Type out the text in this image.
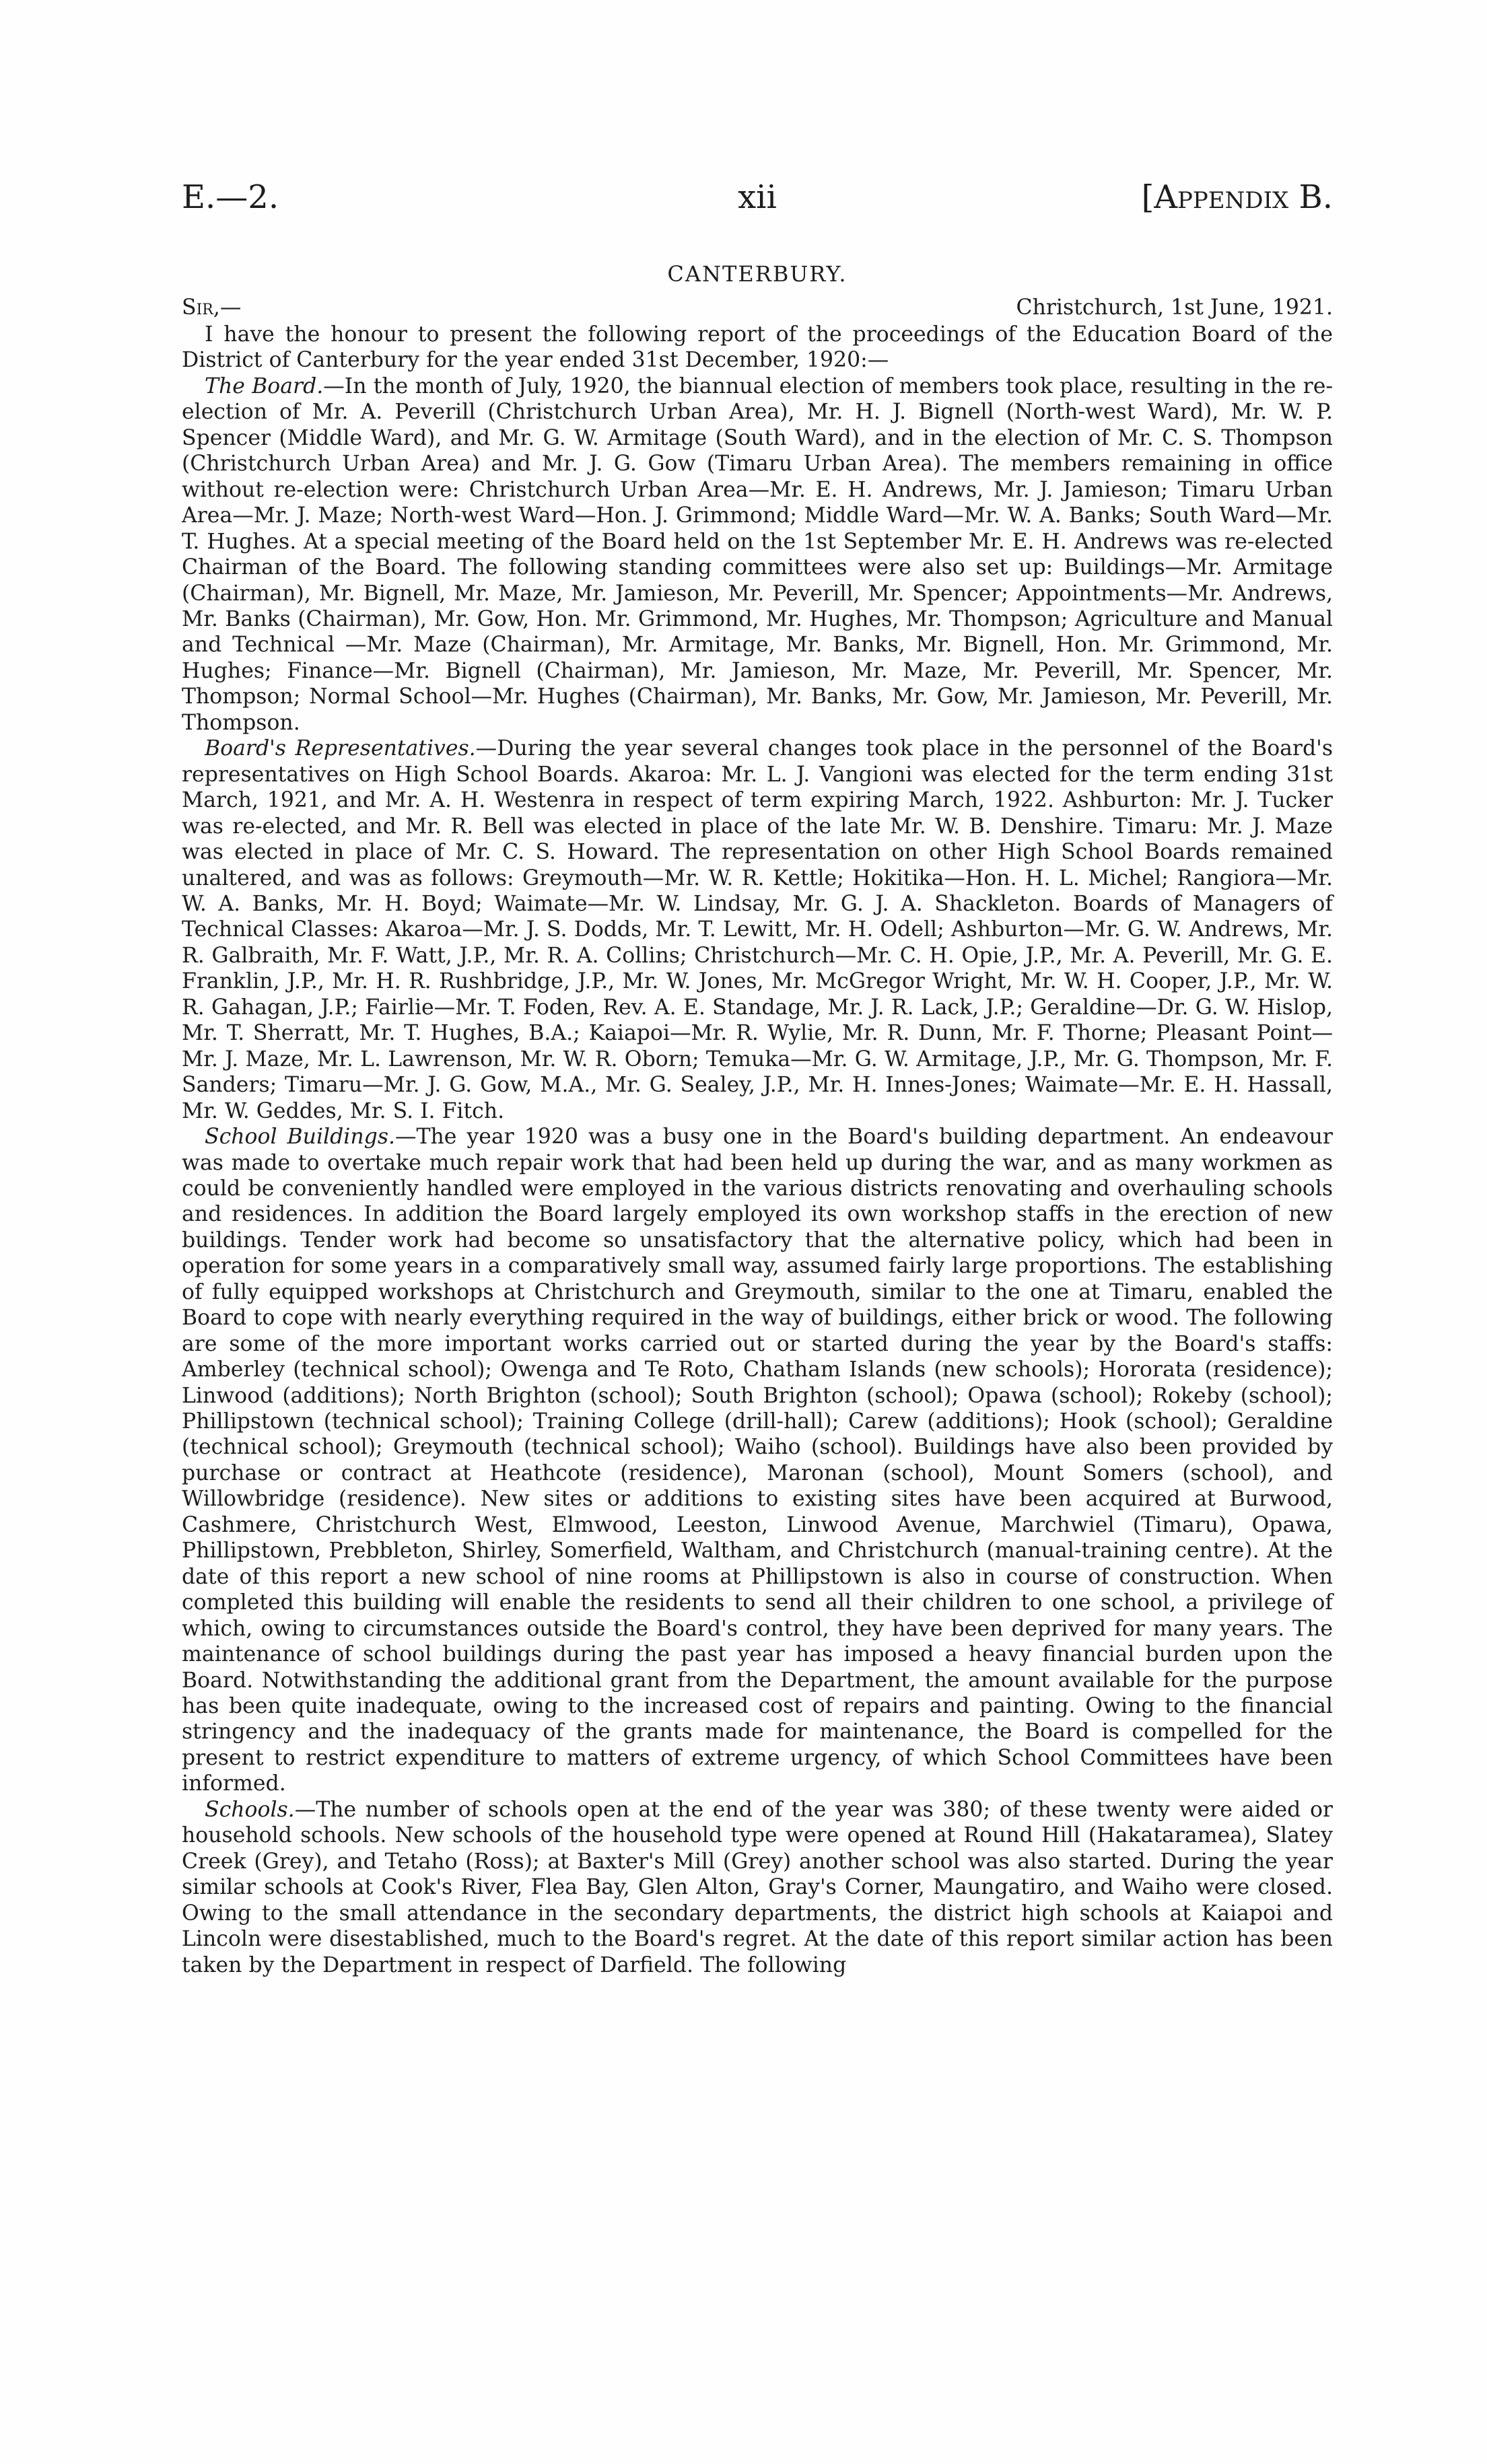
E.—2.	xii	[Appendix B.
CANTERBURY.
Sir,—	Christchurch, 1st June, 1921.

I have the honour to present the following report of the proceedings of the Education Board of the District of Canterbury for the year ended 31st December, 1920:—

The Board.—In the month of July, 1920, the biannual election of members took place, resulting in the re-election of Mr. A. Peverill (Christchurch Urban Area), Mr. H. J. Bignell (North-west Ward), Mr. W. P. Spencer (Middle Ward), and Mr. G. W. Armitage (South Ward), and in the election of Mr. C. S. Thompson (Christchurch Urban Area) and Mr. J. G. Gow (Timaru Urban Area). The members remaining in office without re-election were: Christchurch Urban Area—Mr. E. H. Andrews, Mr. J. Jamieson; Timaru Urban Area—Mr. J. Maze; North-west Ward—Hon. J. Grimmond; Middle Ward—Mr. W. A. Banks; South Ward—Mr. T. Hughes. At a special meeting of the Board held on the 1st September Mr. E. H. Andrews was re-elected Chairman of the Board. The following standing committees were also set up: Buildings—Mr. Armitage (Chairman), Mr. Bignell, Mr. Maze, Mr. Jamieson, Mr. Peverill, Mr. Spencer; Appointments—Mr. Andrews, Mr. Banks (Chairman), Mr. Gow, Hon. Mr. Grimmond, Mr. Hughes, Mr. Thompson; Agriculture and Manual and Technical —Mr. Maze (Chairman), Mr. Armitage, Mr. Banks, Mr. Bignell, Hon. Mr. Grimmond, Mr. Hughes; Finance—Mr. Bignell (Chairman), Mr. Jamieson, Mr. Maze, Mr. Peverill, Mr. Spencer, Mr. Thompson; Normal School—Mr. Hughes (Chairman), Mr. Banks, Mr. Gow, Mr. Jamieson, Mr. Peverill, Mr. Thompson.

Board's Representatives.—During the year several changes took place in the personnel of the Board's representatives on High School Boards. Akaroa: Mr. L. J. Vangioni was elected for the term ending 31st March, 1921, and Mr. A. H. Westenra in respect of term expiring March, 1922. Ashburton: Mr. J. Tucker was re-elected, and Mr. R. Bell was elected in place of the late Mr. W. B. Denshire. Timaru: Mr. J. Maze was elected in place of Mr. C. S. Howard. The representation on other High School Boards remained unaltered, and was as follows: Greymouth—Mr. W. R. Kettle; Hokitika—Hon. H. L. Michel; Rangiora—Mr. W. A. Banks, Mr. H. Boyd; Waimate—Mr. W. Lindsay, Mr. G. J. A. Shackleton. Boards of Managers of Technical Classes: Akaroa—Mr. J. S. Dodds, Mr. T. Lewitt, Mr. H. Odell; Ashburton—Mr. G. W. Andrews, Mr. R. Galbraith, Mr. F. Watt, J.P., Mr. R. A. Collins; Christchurch—Mr. C. H. Opie, J.P., Mr. A. Peverill, Mr. G. E. Franklin, J.P., Mr. H. R. Rushbridge, J.P., Mr. W. Jones, Mr. McGregor Wright, Mr. W. H. Cooper, J.P., Mr. W. R. Gahagan, J.P.; Fairlie—Mr. T. Foden, Rev. A. E. Standage, Mr. J. R. Lack, J.P.; Geraldine—Dr. G. W. Hislop, Mr. T. Sherratt, Mr. T. Hughes, B.A.; Kaiapoi—Mr. R. Wylie, Mr. R. Dunn, Mr. F. Thorne; Pleasant Point—Mr. J. Maze, Mr. L. Lawrenson, Mr. W. R. Oborn; Temuka—Mr. G. W. Armitage, J.P., Mr. G. Thompson, Mr. F. Sanders; Timaru—Mr. J. G. Gow, M.A., Mr. G. Sealey, J.P., Mr. H. Innes-Jones; Waimate—Mr. E. H. Hassall, Mr. W. Geddes, Mr. S. I. Fitch.

School Buildings.—The year 1920 was a busy one in the Board's building department. An endeavour was made to overtake much repair work that had been held up during the war, and as many workmen as could be conveniently handled were employed in the various districts renovating and overhauling schools and residences. In addition the Board largely employed its own workshop staffs in the erection of new buildings. Tender work had become so unsatisfactory that the alternative policy, which had been in operation for some years in a comparatively small way, assumed fairly large proportions. The establishing of fully equipped workshops at Christchurch and Greymouth, similar to the one at Timaru, enabled the Board to cope with nearly everything required in the way of buildings, either brick or wood. The following are some of the more important works carried out or started during the year by the Board's staffs: Amberley (technical school); Owenga and Te Roto, Chatham Islands (new schools); Hororata (residence); Linwood (additions); North Brighton (school); South Brighton (school); Opawa (school); Rokeby (school); Phillipstown (technical school); Training College (drill-hall); Carew (additions); Hook (school); Geraldine (technical school); Greymouth (technical school); Waiho (school). Buildings have also been provided by purchase or contract at Heathcote (residence), Maronan (school), Mount Somers (school), and Willowbridge (residence). New sites or additions to existing sites have been acquired at Burwood, Cashmere, Christchurch West, Elmwood, Leeston, Linwood Avenue, Marchwiel (Timaru), Opawa, Phillipstown, Prebbleton, Shirley, Somerfield, Waltham, and Christchurch (manual-training centre). At the date of this report a new school of nine rooms at Phillipstown is also in course of construction. When completed this building will enable the residents to send all their children to one school, a privilege of which, owing to circumstances outside the Board's control, they have been deprived for many years. The maintenance of school buildings during the past year has imposed a heavy financial burden upon the Board. Notwithstanding the additional grant from the Department, the amount available for the purpose has been quite inadequate, owing to the increased cost of repairs and painting. Owing to the financial stringency and the inadequacy of the grants made for maintenance, the Board is compelled for the present to restrict expenditure to matters of extreme urgency, of which School Committees have been informed.

Schools.—The number of schools open at the end of the year was 380; of these twenty were aided or household schools. New schools of the household type were opened at Round Hill (Hakataramea), Slatey Creek (Grey), and Tetaho (Ross); at Baxter's Mill (Grey) another school was also started. During the year similar schools at Cook's River, Flea Bay, Glen Alton, Gray's Corner, Maungatiro, and Waiho were closed. Owing to the small attendance in the secondary departments, the district high schools at Kaiapoi and Lincoln were disestablished, much to the Board's regret. At the date of this report similar action has been taken by the Department in respect of Darfield. The following
